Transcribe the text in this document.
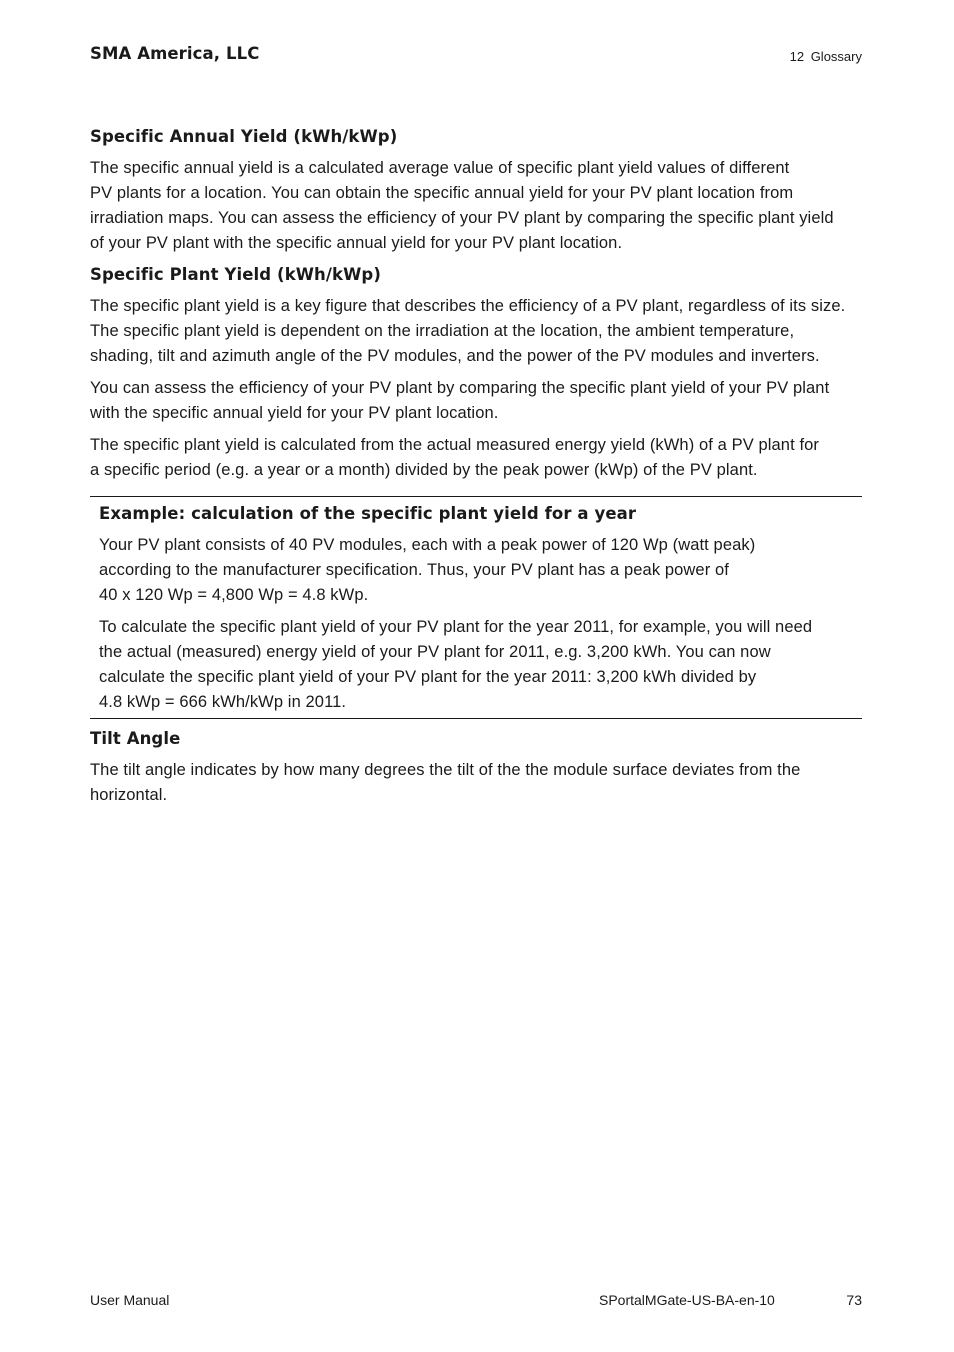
SMA America, LLC	12 Glossary
Specific Annual Yield (kWh/kWp)

The specific annual yield is a calculated average value of specific plant yield values of different
PV plants for a location. You can obtain the specific annual yield for your PV plant location from
irradiation maps. You can assess the efficiency of your PV plant by comparing the specific plant yield
of your PV plant with the specific annual yield for your PV plant location.

Specific Plant Yield (kWh/kWp)

The specific plant yield is a key figure that describes the efficiency of a PV plant, regardless of its size.
The specific plant yield is dependent on the irradiation at the location, the ambient temperature,
shading, tilt and azimuth angle of the PV modules, and the power of the PV modules and inverters.

You can assess the efficiency of your PV plant by comparing the specific plant yield of your PV plant
with the specific annual yield for your PV plant location.

The specific plant yield is calculated from the actual measured energy yield (kWh) of a PV plant for
a specific period (e.g. a year or a month) divided by the peak power (kWp) of the PV plant.

Example: calculation of the specific plant yield for a year

Your PV plant consists of 40 PV modules, each with a peak power of 120 Wp (watt peak)
according to the manufacturer specification. Thus, your PV plant has a peak power of
40 x 120 Wp = 4,800 Wp = 4.8 kWp.

To calculate the specific plant yield of your PV plant for the year 2011, for example, you will need
the actual (measured) energy yield of your PV plant for 2011, e.g. 3,200 kWh. You can now
calculate the specific plant yield of your PV plant for the year 2011: 3,200 kWh divided by
4.8 kWp = 666 kWh/kWp in 2011.

Tilt Angle

The tilt angle indicates by how many degrees the tilt of the the module surface deviates from the
horizontal.

User Manual	SPortalMGate-US-BA-en-10	73
